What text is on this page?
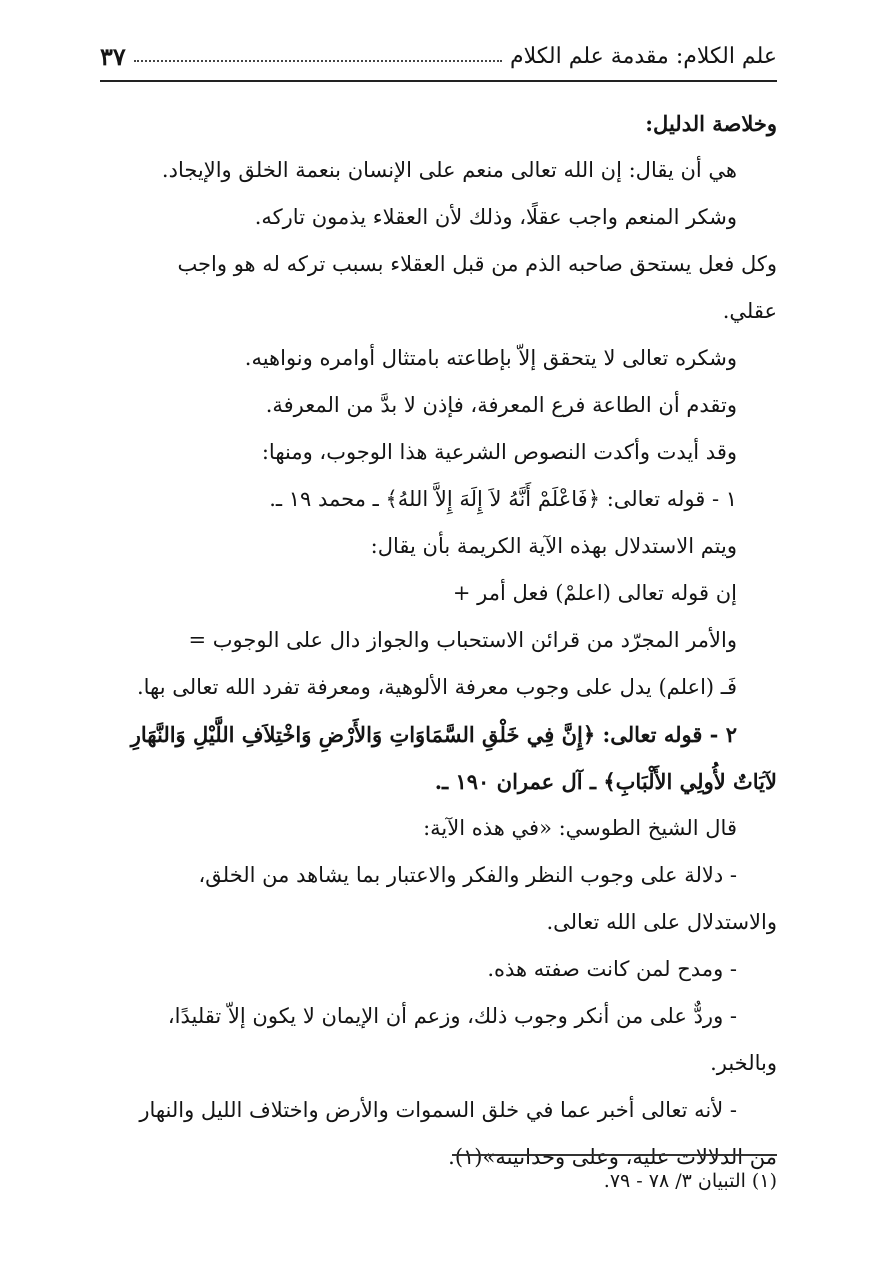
علم الكلام: مقدمة علم الكلام
٣٧
وخلاصة الدليل:
هي أن يقال: إن الله تعالى منعم على الإنسان بنعمة الخلق والإيجاد.
وشكر المنعم واجب عقلًا، وذلك لأن العقلاء يذمون تاركه.
وكل فعل يستحق صاحبه الذم من قبل العقلاء بسبب تركه له هو واجب
عقلي.
وشكره تعالى لا يتحقق إلاّ بإطاعته بامتثال أوامره ونواهيه.
وتقدم أن الطاعة فرع المعرفة، فإذن لا بدَّ من المعرفة.
وقد أيدت وأكدت النصوص الشرعية هذا الوجوب، ومنها:
١ - قوله تعالى: ﴿فَاعْلَمْ أَنَّهُ لاَ إِلَهَ إِلاَّ اللهُ﴾ ـ محمد ١٩ ـ.
ويتم الاستدلال بهذه الآية الكريمة بأن يقال:
إن قوله تعالى (اعلمْ) فعل أمر +
والأمر المجرّد من قرائن الاستحباب والجواز دال على الوجوب =
فَـ (اعلم) يدل على وجوب معرفة الألوهية، ومعرفة تفرد الله تعالى بها.
٢ - قوله تعالى: ﴿إِنَّ فِي خَلْقِ السَّمَاوَاتِ وَالأَرْضِ وَاخْتِلاَفِ اللَّيْلِ وَالنَّهَارِ
لآيَاتٌ لأُولِي الأَلْبَابِ﴾ ـ آل عمران ١٩٠ ـ.
قال الشيخ الطوسي: «في هذه الآية:
- دلالة على وجوب النظر والفكر والاعتبار بما يشاهد من الخلق،
والاستدلال على الله تعالى.
- ومدح لمن كانت صفته هذه.
- وردٌّ على من أنكر وجوب ذلك، وزعم أن الإيمان لا يكون إلاّ تقليدًا،
وبالخبر.
- لأنه تعالى أخبر عما في خلق السموات والأرض واختلاف الليل والنهار
من الدلالات عليه، وعلى وحدانيته»(١).
(١) التبيان ٣/ ٧٨ - ٧٩.
